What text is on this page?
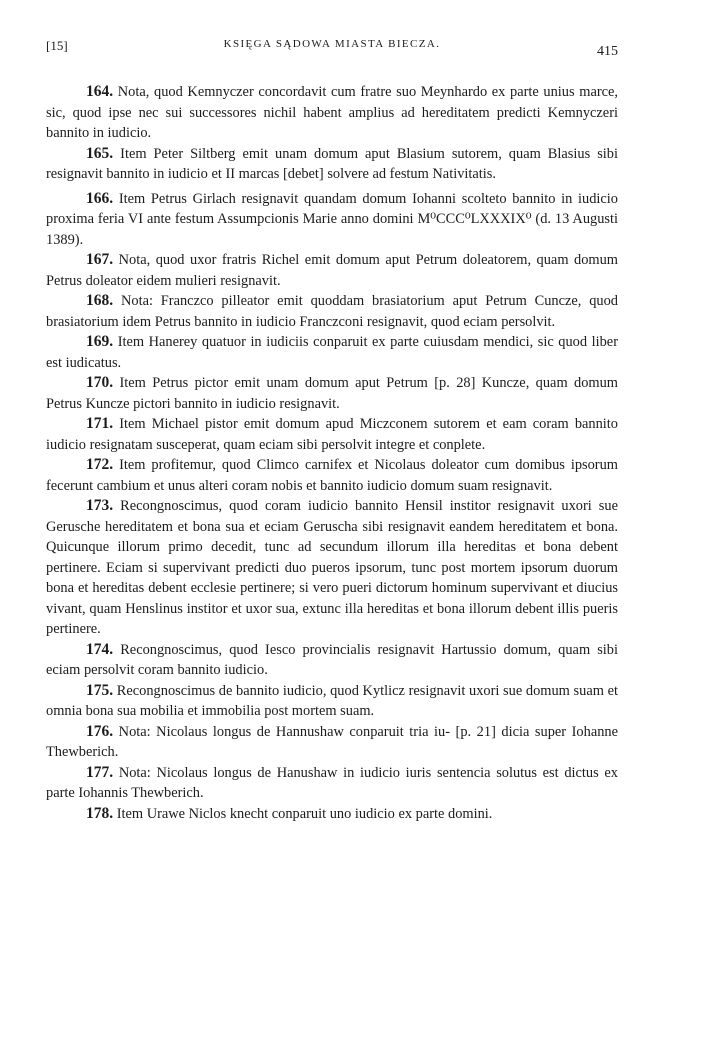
[15]	KSIĘGA SĄDOWA MIASTA BIECZA.	415

164. Nota, quod Kemnyczer concordavit cum fratre suo Meynhardo ex parte unius marce, sic, quod ipse nec sui successores nichil habent amplius ad hereditatem predicti Kemnyczeri bannito in iudicio.

165. Item Peter Siltberg emit unam domum aput Blasium sutorem, quam Blasius sibi resignavit bannito in iudicio et II marcas [debet] solvere ad festum Nativitatis.

166. Item Petrus Girlach resignavit quandam domum Iohanni scolteto bannito in iudicio proxima feria VI ante festum Assumpcionis Marie anno domini M⁰CCC⁰LXXXIX⁰ (d. 13 Augusti 1389).

167. Nota, quod uxor fratris Richel emit domum aput Petrum doleatorem, quam domum Petrus doleator eidem mulieri resignavit.

168. Nota: Franczco pilleator emit quoddam brasiatorium aput Petrum Cuncze, quod brasiatorium idem Petrus bannito in iudicio Franczconi resignavit, quod eciam persolvit.

169. Item Hanerey quatuor in iudiciis conparuit ex parte cuiusdam mendici, sic quod liber est iudicatus.

170. Item Petrus pictor emit unam domum aput Petrum [p. 28] Kuncze, quam domum Petrus Kuncze pictori bannito in iudicio resignavit.

171. Item Michael pistor emit domum apud Miczconem sutorem et eam coram bannito iudicio resignatam susceperat, quam eciam sibi persolvit integre et conplete.

172. Item profitemur, quod Climco carnifex et Nicolaus doleator cum domibus ipsorum fecerunt cambium et unus alteri coram nobis et bannito iudicio domum suam resignavit.

173. Recongnoscimus, quod coram iudicio bannito Hensil institor resignavit uxori sue Gerusche hereditatem et bona sua et eciam Geruscha sibi resignavit eandem hereditatem et bona. Quicunque illorum primo decedit, tunc ad secundum illorum illa hereditas et bona debent pertinere. Eciam si supervivant predicti duo pueros ipsorum, tunc post mortem ipsorum duorum bona et hereditas debent ecclesie pertinere; si vero pueri dictorum hominum supervivant et diucius vivant, quam Henslinus institor et uxor sua, extunc illa hereditas et bona illorum debent illis pueris pertinere.

174. Recongnoscimus, quod Iesco provincialis resignavit Hartussio domum, quam sibi eciam persolvit coram bannito iudicio.

175. Recongnoscimus de bannito iudicio, quod Kytlicz resignavit uxori sue domum suam et omnia bona sua mobilia et immobilia post mortem suam.

176. Nota: Nicolaus longus de Hannushaw conparuit tria iu- [p. 21] dicia super Iohanne Thewberich.

177. Nota: Nicolaus longus de Hanushaw in iudicio iuris sentencia solutus est dictus ex parte Iohannis Thewberich.

178. Item Urawe Niclos knecht conparuit uno iudicio ex parte domini.
